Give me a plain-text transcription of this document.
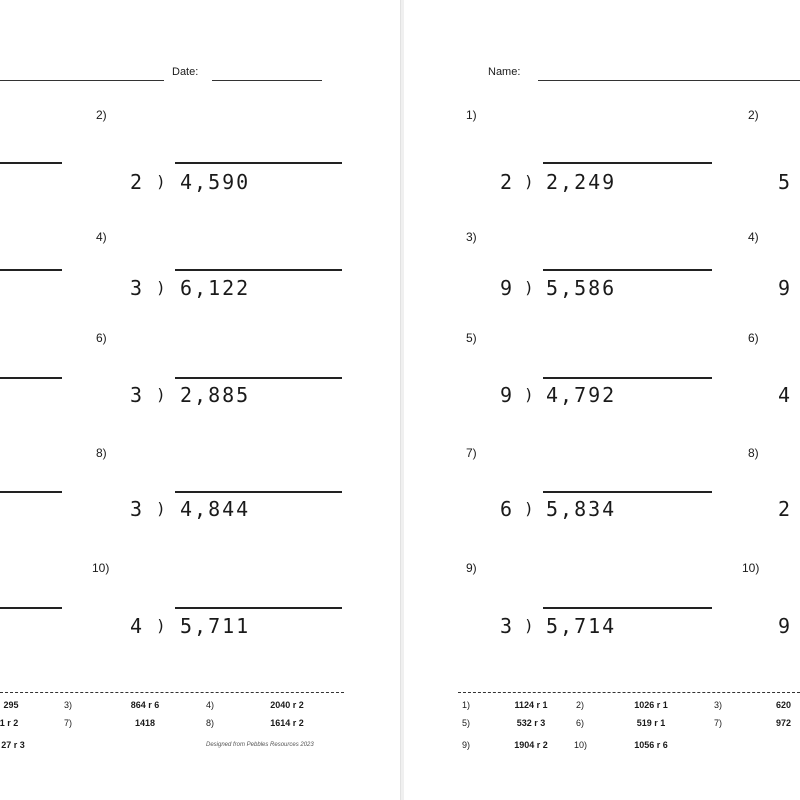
Date:
2)
2 ) 4,590
4)
3 ) 6,122
6)
3 ) 2,885
8)
3 ) 4,844
10)
4 ) 5,711
295	3)	864 r 6	4)	2040 r 2
1 r 2	7)	1418	8)	1614 r 2
27 r 3	Designed from Pebbles Resources 2023
Name:
1)
2 ) 2,249
2)
5
3)
9 ) 5,586
4)
9
5)
9 ) 4,792
6)
4
7)
6 ) 5,834
8)
2
9)
3 ) 5,714
10)
9
1)	1124 r 1	2)	1026 r 1	3)	620
5)	532 r 3	6)	519 r 1	7)	972
9)	1904 r 2	10)	1056 r 6
